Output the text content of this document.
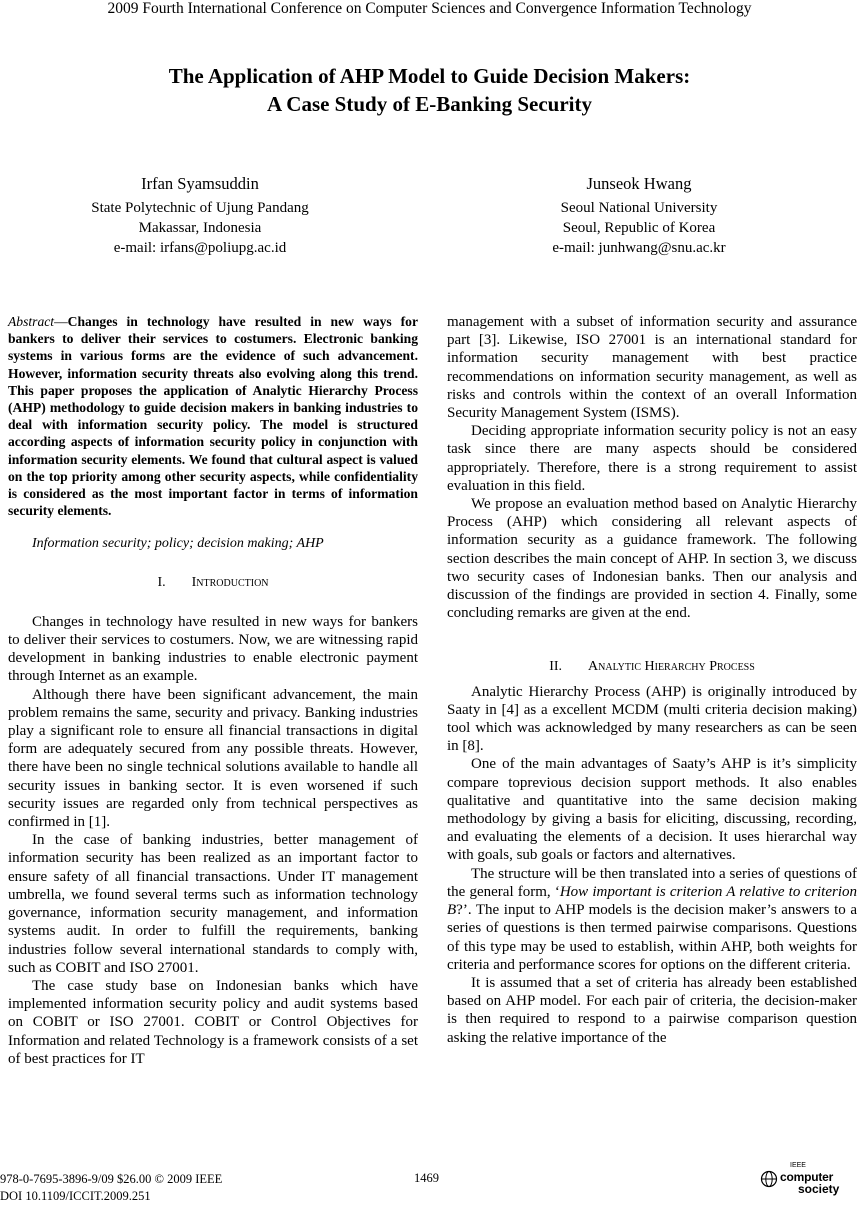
2009 Fourth International Conference on Computer Sciences and Convergence Information Technology
The Application of AHP Model to Guide Decision Makers:
A Case Study of E-Banking Security
Irfan Syamsuddin
State Polytechnic of Ujung Pandang
Makassar, Indonesia
e-mail: irfans@poliupg.ac.id
Junseok Hwang
Seoul National University
Seoul, Republic of Korea
e-mail: junhwang@snu.ac.kr

Abstract—Changes in technology have resulted in new ways for bankers to deliver their services to costumers. Electronic banking systems in various forms are the evidence of such advancement. However, information security threats also evolving along this trend. This paper proposes the application of Analytic Hierarchy Process (AHP) methodology to guide decision makers in banking industries to deal with information security policy. The model is structured according aspects of information security policy in conjunction with information security elements. We found that cultural aspect is valued on the top priority among other security aspects, while confidentiality is considered as the most important factor in terms of information security elements.

Information security; policy; decision making; AHP

I. Introduction

Changes in technology have resulted in new ways for bankers to deliver their services to costumers. Now, we are witnessing rapid development in banking industries to enable electronic payment through Internet as an example.

Although there have been significant advancement, the main problem remains the same, security and privacy. Banking industries play a significant role to ensure all financial transactions in digital form are adequately secured from any possible threats. However, there have been no single technical solutions available to handle all security issues in banking sector. It is even worsened if such security issues are regarded only from technical perspectives as confirmed in [1].

In the case of banking industries, better management of information security has been realized as an important factor to ensure safety of all financial transactions. Under IT management umbrella, we found several terms such as information technology governance, information security management, and information systems audit. In order to fulfill the requirements, banking industries follow several international standards to comply with, such as COBIT and ISO 27001.

The case study base on Indonesian banks which have implemented information security policy and audit systems based on COBIT or ISO 27001. COBIT or Control Objectives for Information and related Technology is a framework consists of a set of best practices for IT

management with a subset of information security and assurance part [3]. Likewise, ISO 27001 is an international standard for information security management with best practice recommendations on information security management, as well as risks and controls within the context of an overall Information Security Management System (ISMS).

Deciding appropriate information security policy is not an easy task since there are many aspects should be considered appropriately. Therefore, there is a strong requirement to assist evaluation in this field.

We propose an evaluation method based on Analytic Hierarchy Process (AHP) which considering all relevant aspects of information security as a guidance framework. The following section describes the main concept of AHP. In section 3, we discuss two security cases of Indonesian banks. Then our analysis and discussion of the findings are provided in section 4. Finally, some concluding remarks are given at the end.

II. Analytic Hierarchy Process

Analytic Hierarchy Process (AHP) is originally introduced by Saaty in [4] as a excellent MCDM (multi criteria decision making) tool which was acknowledged by many researchers as can be seen in [8].

One of the main advantages of Saaty’s AHP is it’s simplicity compare toprevious decision support methods. It also enables qualitative and quantitative into the same decision making methodology by giving a basis for eliciting, discussing, recording, and evaluating the elements of a decision. It uses hierarchal way with goals, sub goals or factors and alternatives.

The structure will be then translated into a series of questions of the general form, ‘How important is criterion A relative to criterion B?’. The input to AHP models is the decision maker’s answers to a series of questions is then termed pairwise comparisons. Questions of this type may be used to establish, within AHP, both weights for criteria and performance scores for options on the different criteria.

It is assumed that a set of criteria has already been established based on AHP model. For each pair of criteria, the decision-maker is then required to respond to a pairwise comparison question asking the relative importance of the

978-0-7695-3896-9/09 $26.00 © 2009 IEEE
DOI 10.1109/ICCIT.2009.251
1469
IEEE
computer
society
